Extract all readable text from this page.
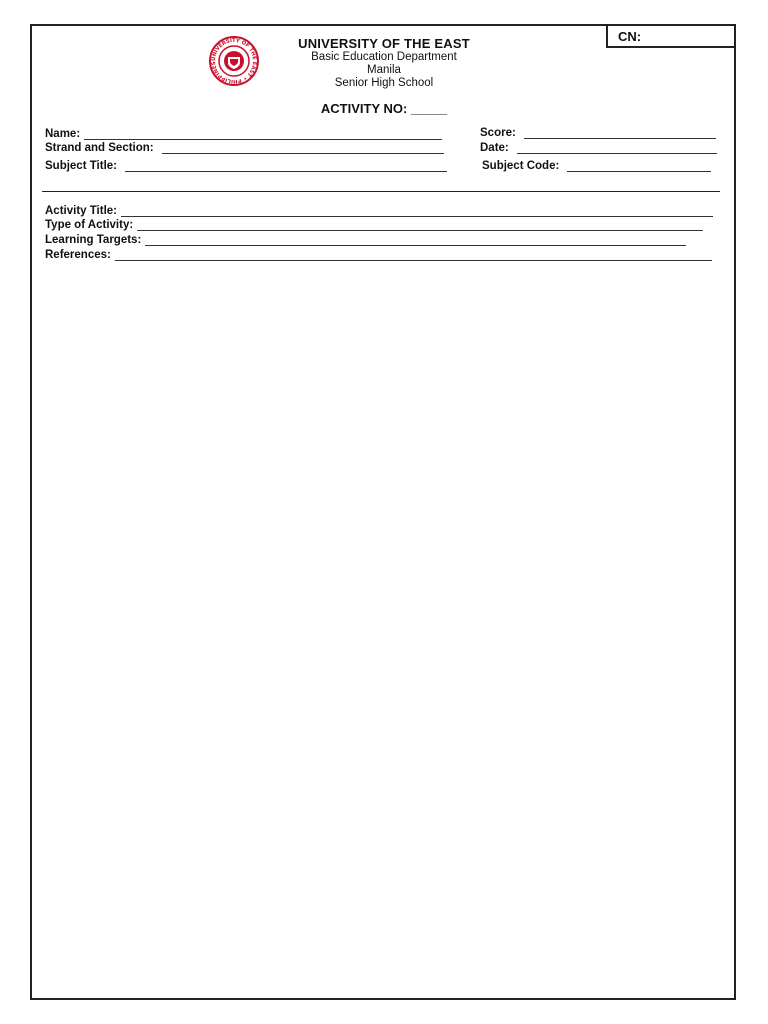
CN:
UNIVERSITY OF THE EAST • PHILIPPINES
UNIVERSITY OF THE EAST
Basic Education Department
Manila
Senior High School
ACTIVITY NO: _____
Name:
Strand and Section:
Subject Title:
Score:
Date:
Subject Code:
Activity Title:
Type of Activity:
Learning Targets:
References:
